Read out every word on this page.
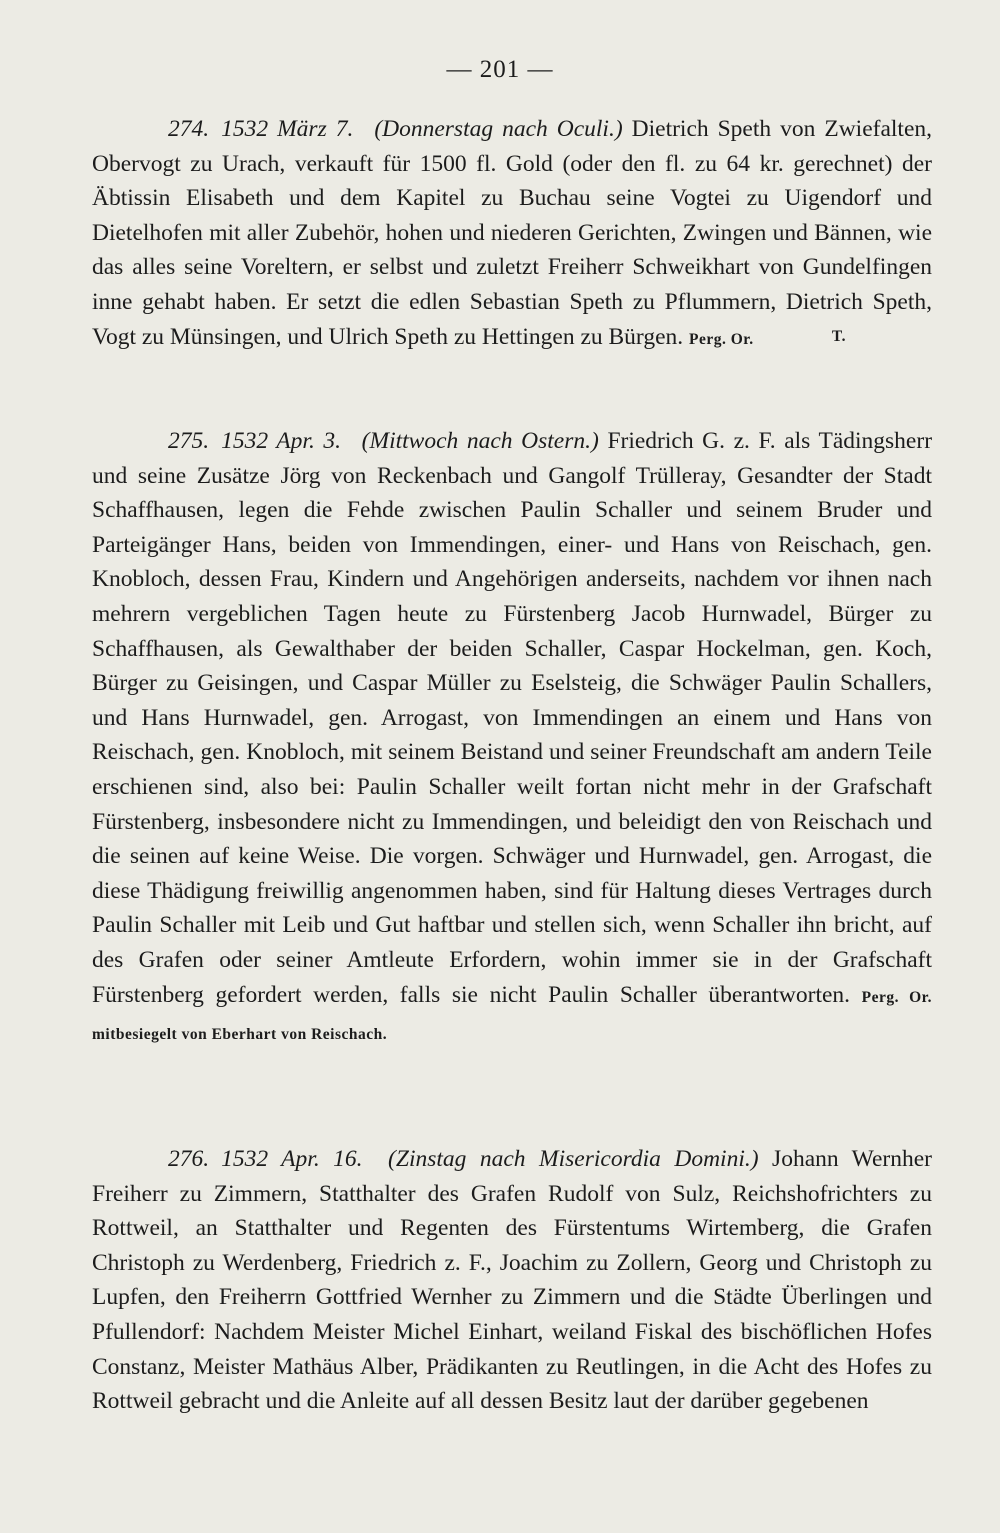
— 201 —

274. 1532 März 7. (Donnerstag nach Oculi.) Dietrich Speth von Zwiefalten, Obervogt zu Urach, verkauft für 1500 fl. Gold (oder den fl. zu 64 kr. gerechnet) der Äbtissin Elisabeth und dem Kapitel zu Buchau seine Vogtei zu Uigendorf und Dietelhofen mit aller Zubehör, hohen und niederen Gerichten, Zwingen und Bännen, wie das alles seine Voreltern, er selbst und zuletzt Freiherr Schweikhart von Gundelfingen inne gehabt haben. Er setzt die edlen Sebastian Speth zu Pflummern, Dietrich Speth, Vogt zu Münsingen, und Ulrich Speth zu Hettingen zu Bürgen. Perg. Or.	T.

275. 1532 Apr. 3. (Mittwoch nach Ostern.) Friedrich G. z. F. als Tädingsherr und seine Zusätze Jörg von Reckenbach und Gangolf Trülleray, Gesandter der Stadt Schaffhausen, legen die Fehde zwischen Paulin Schaller und seinem Bruder und Parteigänger Hans, beiden von Immendingen, einer- und Hans von Reischach, gen. Knobloch, dessen Frau, Kindern und Angehörigen anderseits, nachdem vor ihnen nach mehrern vergeblichen Tagen heute zu Fürstenberg Jacob Hurnwadel, Bürger zu Schaffhausen, als Gewalthaber der beiden Schaller, Caspar Hockelman, gen. Koch, Bürger zu Geisingen, und Caspar Müller zu Eselsteig, die Schwäger Paulin Schallers, und Hans Hurnwadel, gen. Arrogast, von Immendingen an einem und Hans von Reischach, gen. Knobloch, mit seinem Beistand und seiner Freundschaft am andern Teile erschienen sind, also bei: Paulin Schaller weilt fortan nicht mehr in der Grafschaft Fürstenberg, insbesondere nicht zu Immendingen, und beleidigt den von Reischach und die seinen auf keine Weise. Die vorgen. Schwäger und Hurnwadel, gen. Arrogast, die diese Thädigung freiwillig angenommen haben, sind für Haltung dieses Vertrages durch Paulin Schaller mit Leib und Gut haftbar und stellen sich, wenn Schaller ihn bricht, auf des Grafen oder seiner Amtleute Erfordern, wohin immer sie in der Grafschaft Fürstenberg gefordert werden, falls sie nicht Paulin Schaller überantworten. Perg. Or. mitbesiegelt von Eberhart von Reischach.

276. 1532 Apr. 16. (Zinstag nach Misericordia Domini.) Johann Wernher Freiherr zu Zimmern, Statthalter des Grafen Rudolf von Sulz, Reichshofrichters zu Rottweil, an Statthalter und Regenten des Fürstentums Wirtemberg, die Grafen Christoph zu Werdenberg, Friedrich z. F., Joachim zu Zollern, Georg und Christoph zu Lupfen, den Freiherrn Gottfried Wernher zu Zimmern und die Städte Überlingen und Pfullendorf: Nachdem Meister Michel Einhart, weiland Fiskal des bischöflichen Hofes Constanz, Meister Mathäus Alber, Prädikanten zu Reutlingen, in die Acht des Hofes zu Rottweil gebracht und die Anleite auf all dessen Besitz laut der darüber gegebenen
